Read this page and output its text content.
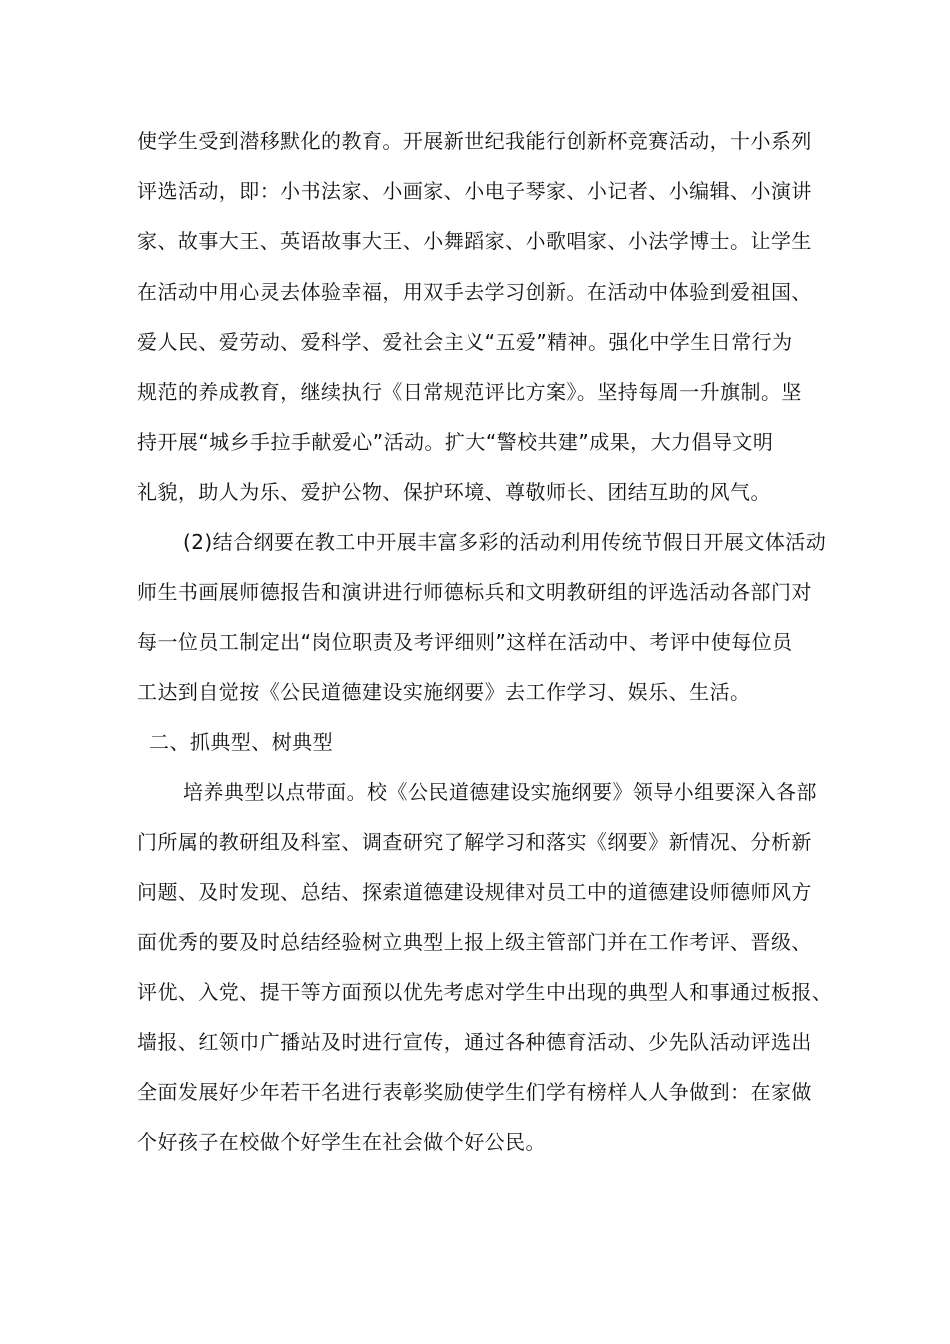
使学生受到潜移默化的教育。开展新世纪我能行创新杯竞赛活动，十小系列
评选活动，即：小书法家、小画家、小电子琴家、小记者、小编辑、小演讲
家、故事大王、英语故事大王、小舞蹈家、小歌唱家、小法学博士。让学生
在活动中用心灵去体验幸福，用双手去学习创新。在活动中体验到爱祖国、
爱人民、爱劳动、爱科学、爱社会主义“五爱”精神。强化中学生日常行为
规范的养成教育，继续执行《日常规范评比方案》。坚持每周一升旗制。坚
持开展“城乡手拉手献爱心”活动。扩大“警校共建”成果，大力倡导文明
礼貌，助人为乐、爱护公物、保护环境、尊敬师长、团结互助的风气。
(2)结合纲要在教工中开展丰富多彩的活动利用传统节假日开展文体活动
师生书画展师德报告和演讲进行师德标兵和文明教研组的评选活动各部门对
每一位员工制定出“岗位职责及考评细则”这样在活动中、考评中使每位员
工达到自觉按《公民道德建设实施纲要》去工作学习、娱乐、生活。
二、抓典型、树典型
培养典型以点带面。校《公民道德建设实施纲要》领导小组要深入各部
门所属的教研组及科室、调查研究了解学习和落实《纲要》新情况、分析新
问题、及时发现、总结、探索道德建设规律对员工中的道德建设师德师风方
面优秀的要及时总结经验树立典型上报上级主管部门并在工作考评、晋级、
评优、入党、提干等方面预以优先考虑对学生中出现的典型人和事通过板报、
墙报、红领巾广播站及时进行宣传，通过各种德育活动、少先队活动评选出
全面发展好少年若干名进行表彰奖励使学生们学有榜样人人争做到：在家做
个好孩子在校做个好学生在社会做个好公民。
